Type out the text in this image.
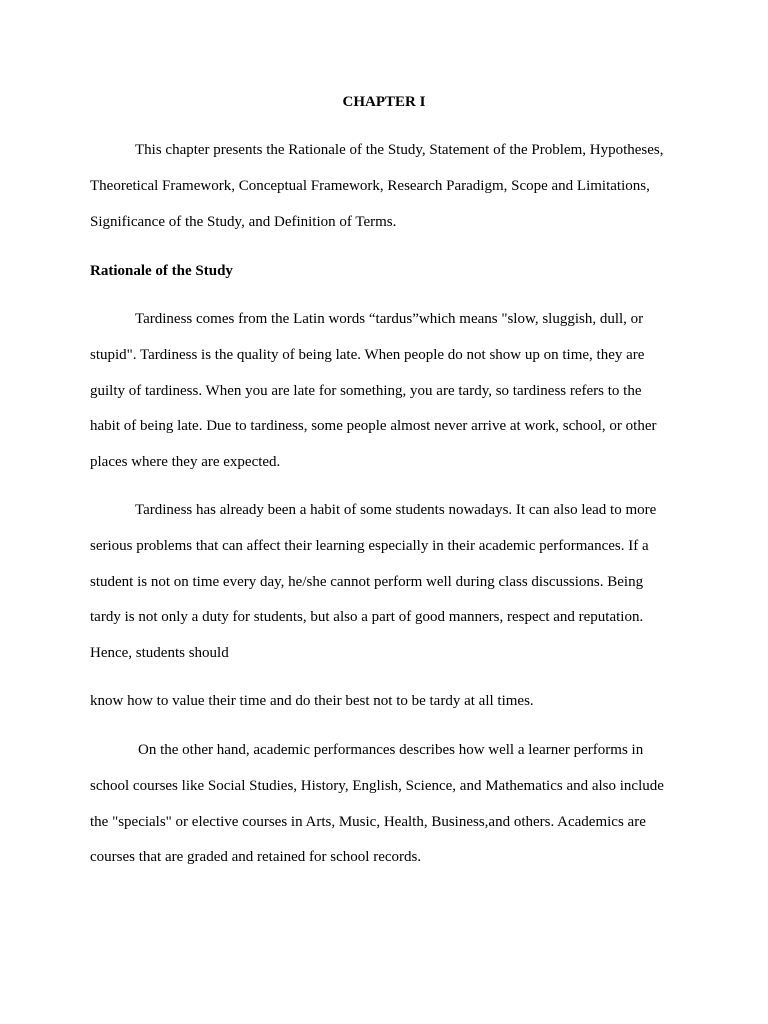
CHAPTER I

This chapter presents the Rationale of the Study, Statement of the Problem, Hypotheses,
Theoretical Framework, Conceptual Framework, Research Paradigm, Scope and Limitations,
Significance of the Study, and Definition of Terms.

Rationale of the Study

Tardiness comes from the Latin words “tardus”which means "slow, sluggish, dull, or
stupid". Tardiness is the quality of being late. When people do not show up on time, they are
guilty of tardiness. When you are late for something, you are tardy, so tardiness refers to the
habit of being late. Due to tardiness, some people almost never arrive at work, school, or other
places where they are expected.

Tardiness has already been a habit of some students nowadays. It can also lead to more
serious problems that can affect their learning especially in their academic performances. If a
student is not on time every day, he/she cannot perform well during class discussions. Being
tardy is not only a duty for students, but also a part of good manners, respect and reputation.
Hence, students should

know how to value their time and do their best not to be tardy at all times.

On the other hand, academic performances describes how well a learner performs in
school courses like Social Studies, History, English, Science, and Mathematics and also include
the "specials" or elective courses in Arts, Music, Health, Business,and others. Academics are
courses that are graded and retained for school records.
